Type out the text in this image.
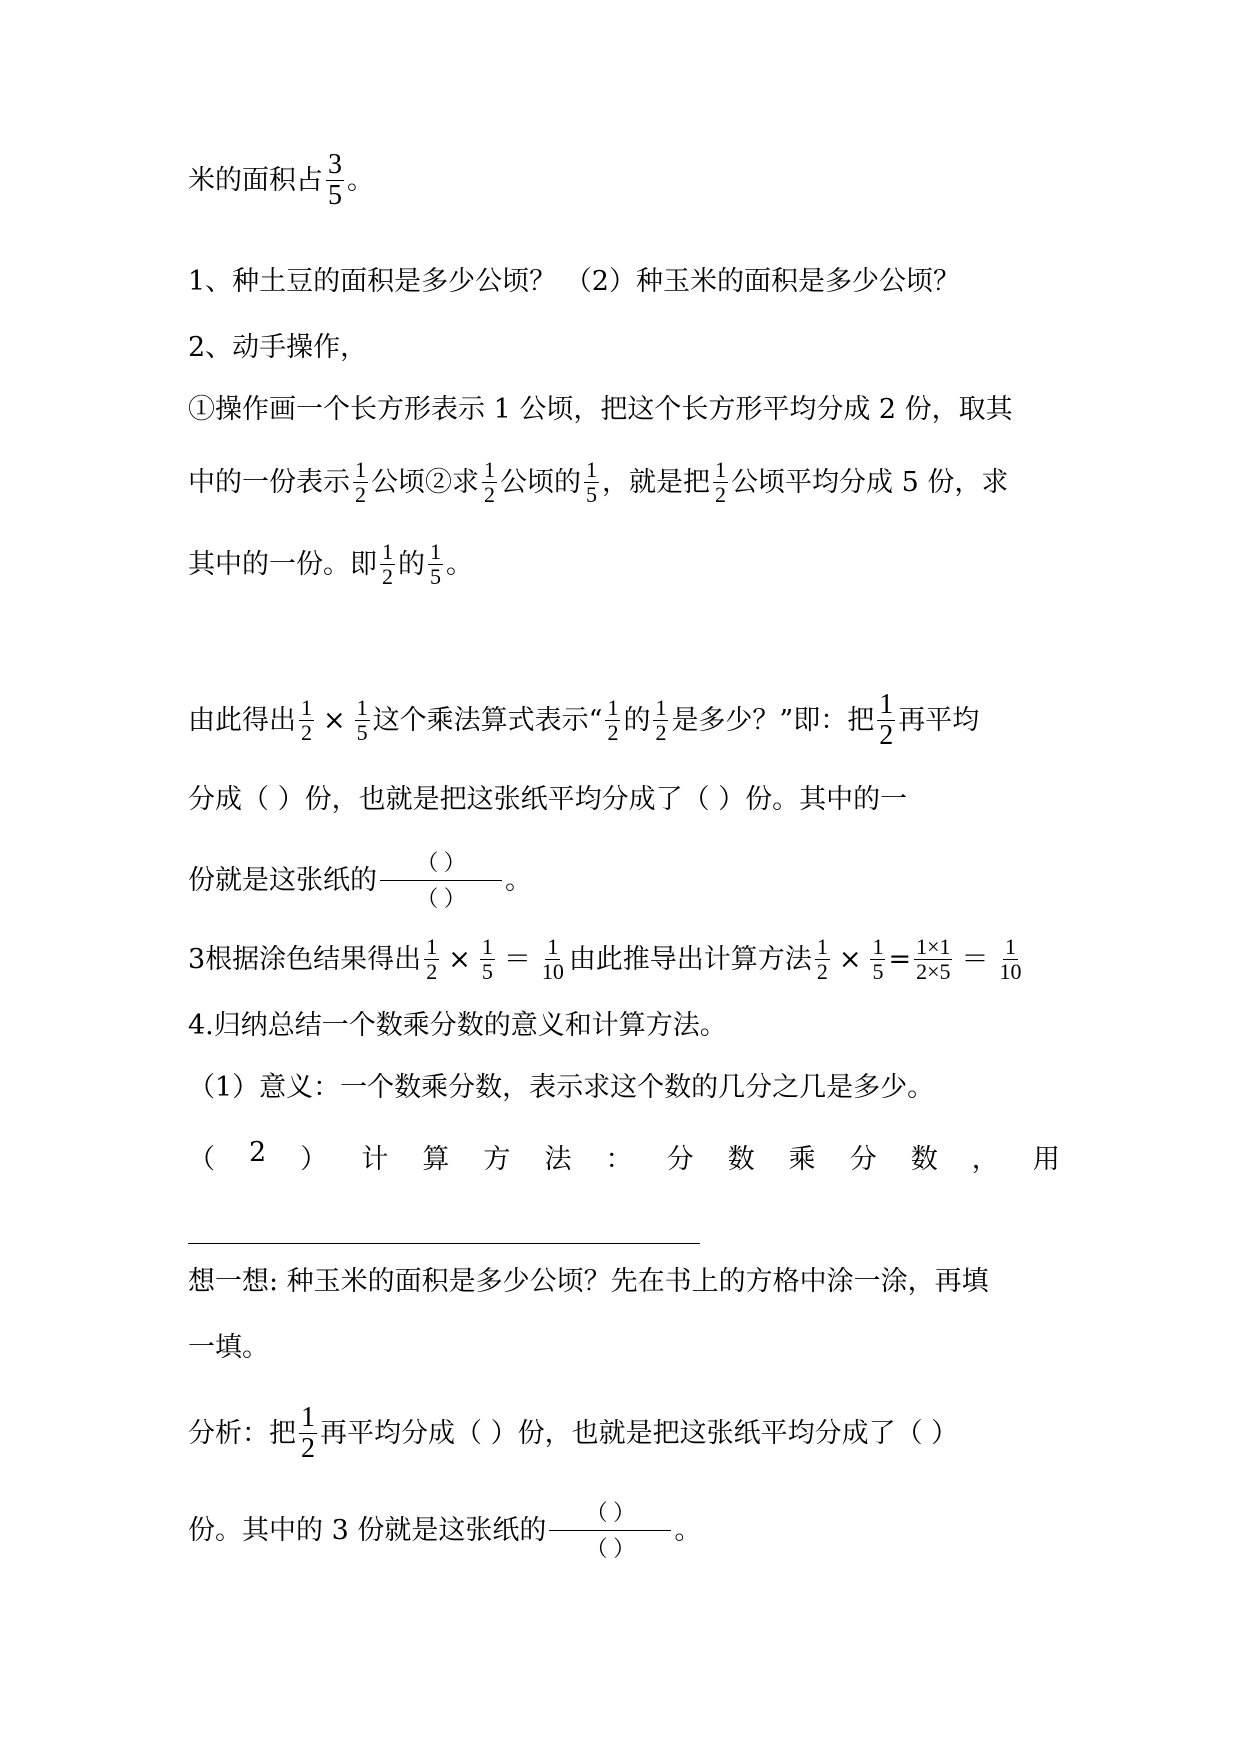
米的面积占 $\frac{3}{5}$ 。
1、种土豆的面积是多少公顷？ （2）种玉米的面积是多少公顷？
2、动手操作，
①操作画一个长方形表示 1 公顷，把这个长方形平均分成 2 份，取其
中的一份表示 $\frac{1}{2}$ 公顷②求 $\frac{1}{2}$ 公顷的 $\frac{1}{5}$ ，就是把 $\frac{1}{2}$ 公顷平均分成 5 份，求
其中的一份。即 $\frac{1}{2}$ 的 $\frac{1}{5}$ 。
由此得出 $\frac{1}{2} \times \frac{1}{5}$ 这个乘法算式表示“ $\frac{1}{2}$ 的 $\frac{1}{2}$ 是多少？”即：把 $\frac{1}{2}$ 再平均
分成（ ）份，也就是把这张纸平均分成了（ ）份。其中的一
份就是这张纸的 $\frac{( )}{( )}$ 。
3根据涂色结果得出 $\frac{1}{2} \times \frac{1}{5} = \frac{1}{10}$ 由此推导出计算方法 $\frac{1}{2} \times \frac{1}{5} = \frac{1\times 1}{2\times 5} = \frac{1}{10}$
4.归纳总结一个数乘分数的意义和计算方法。
（1）意义：一个数乘分数，表示求这个数的几分之几是多少。
（ 2 ） 计 算 方 法 ： 分 数 乘 分 数 ， 用
想一想: 种玉米的面积是多少公顷？先在书上的方格中涂一涂，再填
一填。
分析：把 $\frac{1}{2}$ 再平均分成（ ）份，也就是把这张纸平均分成了（ ）
份。其中的 3 份就是这张纸的 $\frac{( )}{( )}$ 。
